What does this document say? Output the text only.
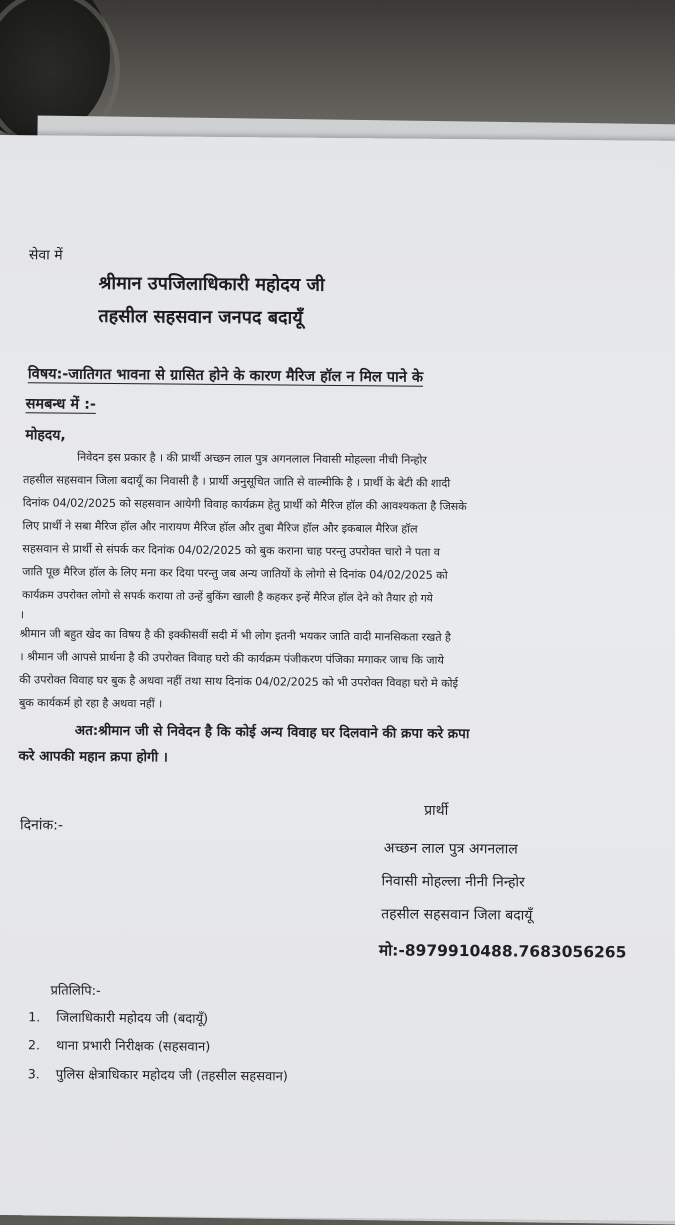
सेवा में
श्रीमान उपजिलाधिकारी महोदय जी
तहसील सहसवान जनपद बदायूँ
विषय:-जातिगत भावना से ग्रासित होने के कारण मैरिज हॉल न मिल पाने के
समबन्ध में :-
मोहदय,
निवेदन इस प्रकार है । की प्रार्थी अच्छन लाल पुत्र अगनलाल निवासी मोहल्ला नीची निन्होर
तहसील सहसवान जिला बदायूँ का निवासी है । प्रार्थी अनुसूचित जाति से वाल्मीकि है । प्रार्थी के बेटी की शादी
दिनांक 04/02/2025 को सहसवान आयेगी विवाह कार्यक्रम हेतु प्रार्थी को मैरिज हॉल की आवश्यकता है जिसके
लिए प्रार्थी ने सबा मैरिज हॉल और नारायण मैरिज हॉल और तुबा मैरिज हॉल और इकबाल मैरिज हॉल
सहसवान से प्रार्थी से संपर्क कर दिनांक 04/02/2025 को बुक कराना चाह परन्तु उपरोक्त चारो ने पता व
जाति पूछ मैरिज हॉल के लिए मना कर दिया परन्तु जब अन्य जातियों के लोगो से दिनांक 04/02/2025 को
कार्यक्रम उपरोक्त लोगो से सपर्क कराया तो उन्हें बुकिंग खाली है कहकर इन्हें मैरिज हॉल देने को तैयार हो गये
।
श्रीमान जी बहुत खेद का विषय है की इक्कीसवीं सदी में भी लोग इतनी भयकर जाति वादी मानसिकता रखते है
। श्रीमान जी आपसे प्रार्थना है की उपरोक्त विवाह घरो की कार्यक्रम पंजीकरण पंजिका मगाकर जाच कि जाये
की उपरोक्त विवाह घर बुक है अथवा नहीं तथा साथ दिनांक 04/02/2025 को भी उपरोक्त विवहा घरो मे कोई
बुक कार्यकर्म हो रहा है अथवा नहीं ।
अत:श्रीमान जी से निवेदन है कि कोई अन्य विवाह घर दिलवाने की क्रपा करे क्रपा
करे आपकी महान क्रपा होगी ।
प्रार्थी
दिनांक:-
अच्छन लाल पुत्र अगनलाल
निवासी मोहल्ला नीनी निन्होर
तहसील सहसवान जिला बदायूँ
मो:-8979910488.7683056265
प्रतिलिपि:-
1. जिलाधिकारी महोदय जी (बदायूँ)
2. थाना प्रभारी निरीक्षक (सहसवान)
3. पुलिस क्षेत्राधिकार महोदय जी (तहसील सहसवान)
